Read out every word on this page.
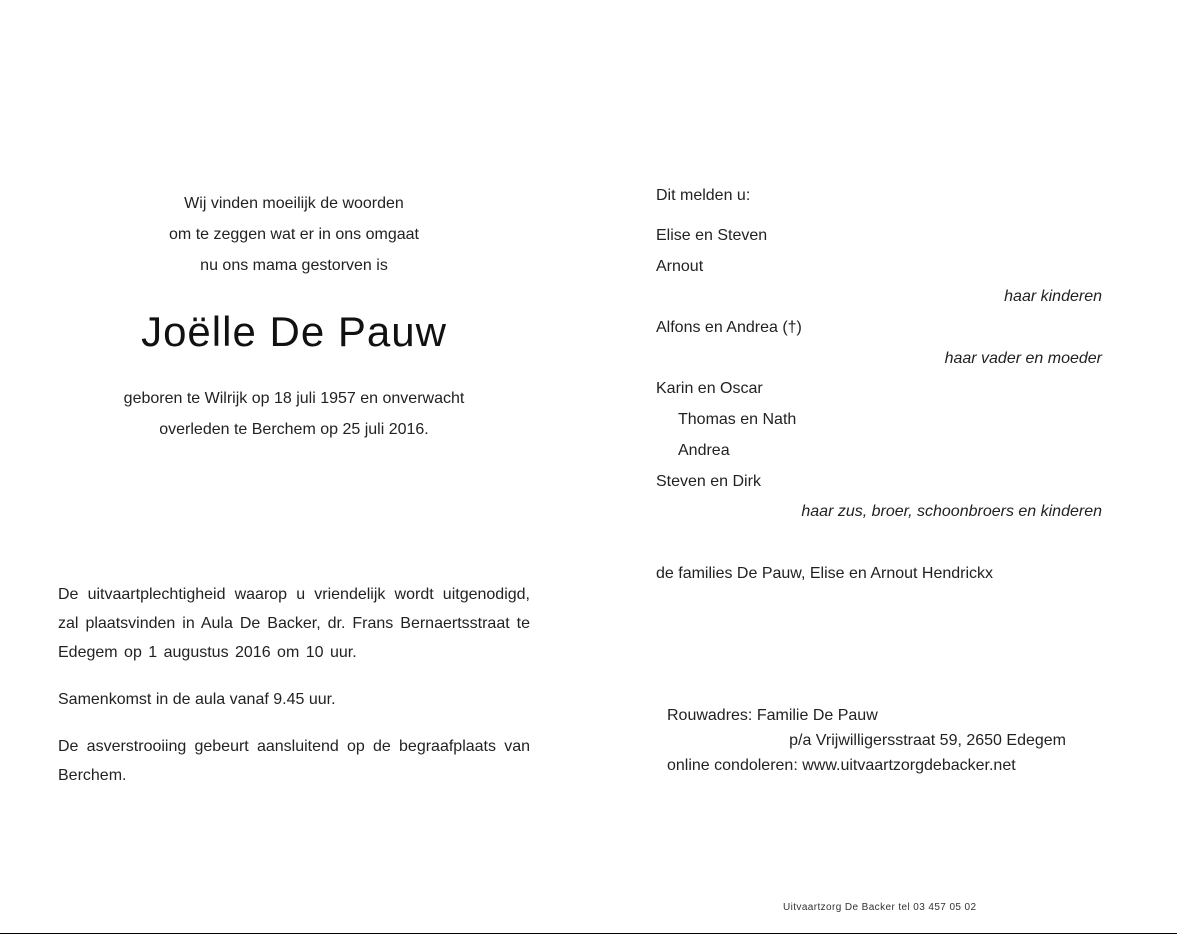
Wij vinden moeilijk de woorden
om te zeggen wat er in ons omgaat
nu ons mama gestorven is
Joëlle De Pauw
geboren te Wilrijk op 18 juli 1957 en onverwacht
overleden te Berchem op 25 juli 2016.

De uitvaartplechtigheid waarop u vriendelijk wordt uitgenodigd, zal plaatsvinden in Aula De Backer, dr. Frans Bernaertsstraat te Edegem op 1 augustus 2016 om 10 uur.

Samenkomst in de aula vanaf 9.45 uur.

De asverstrooiing gebeurt aansluitend op de begraafplaats van Berchem.

Dit melden u:
Elise en Steven
Arnout
haar kinderen
Alfons en Andrea (†)
haar vader en moeder
Karin en Oscar
Thomas en Nath
Andrea
Steven en Dirk
haar zus, broer, schoonbroers en kinderen
de families De Pauw, Elise en Arnout Hendrickx
Rouwadres: Familie De Pauw
p/a Vrijwilligersstraat 59, 2650 Edegem
online condoleren: www.uitvaartzorgdebacker.net
Uitvaartzorg De Backer tel 03 457 05 02
